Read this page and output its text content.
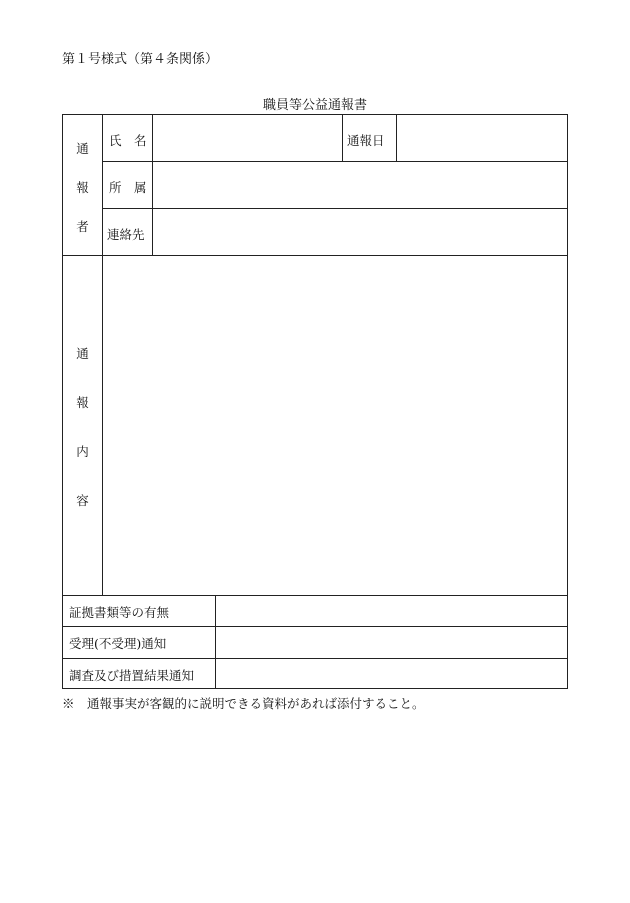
第１号様式（第４条関係）
職員等公益通報書
通
報
者
氏　名	通報日
所　属
連絡先
通
報
内
容
証拠書類等の有無
受理(不受理)通知
調査及び措置結果通知
※　通報事実が客観的に説明できる資料があれば添付すること。
